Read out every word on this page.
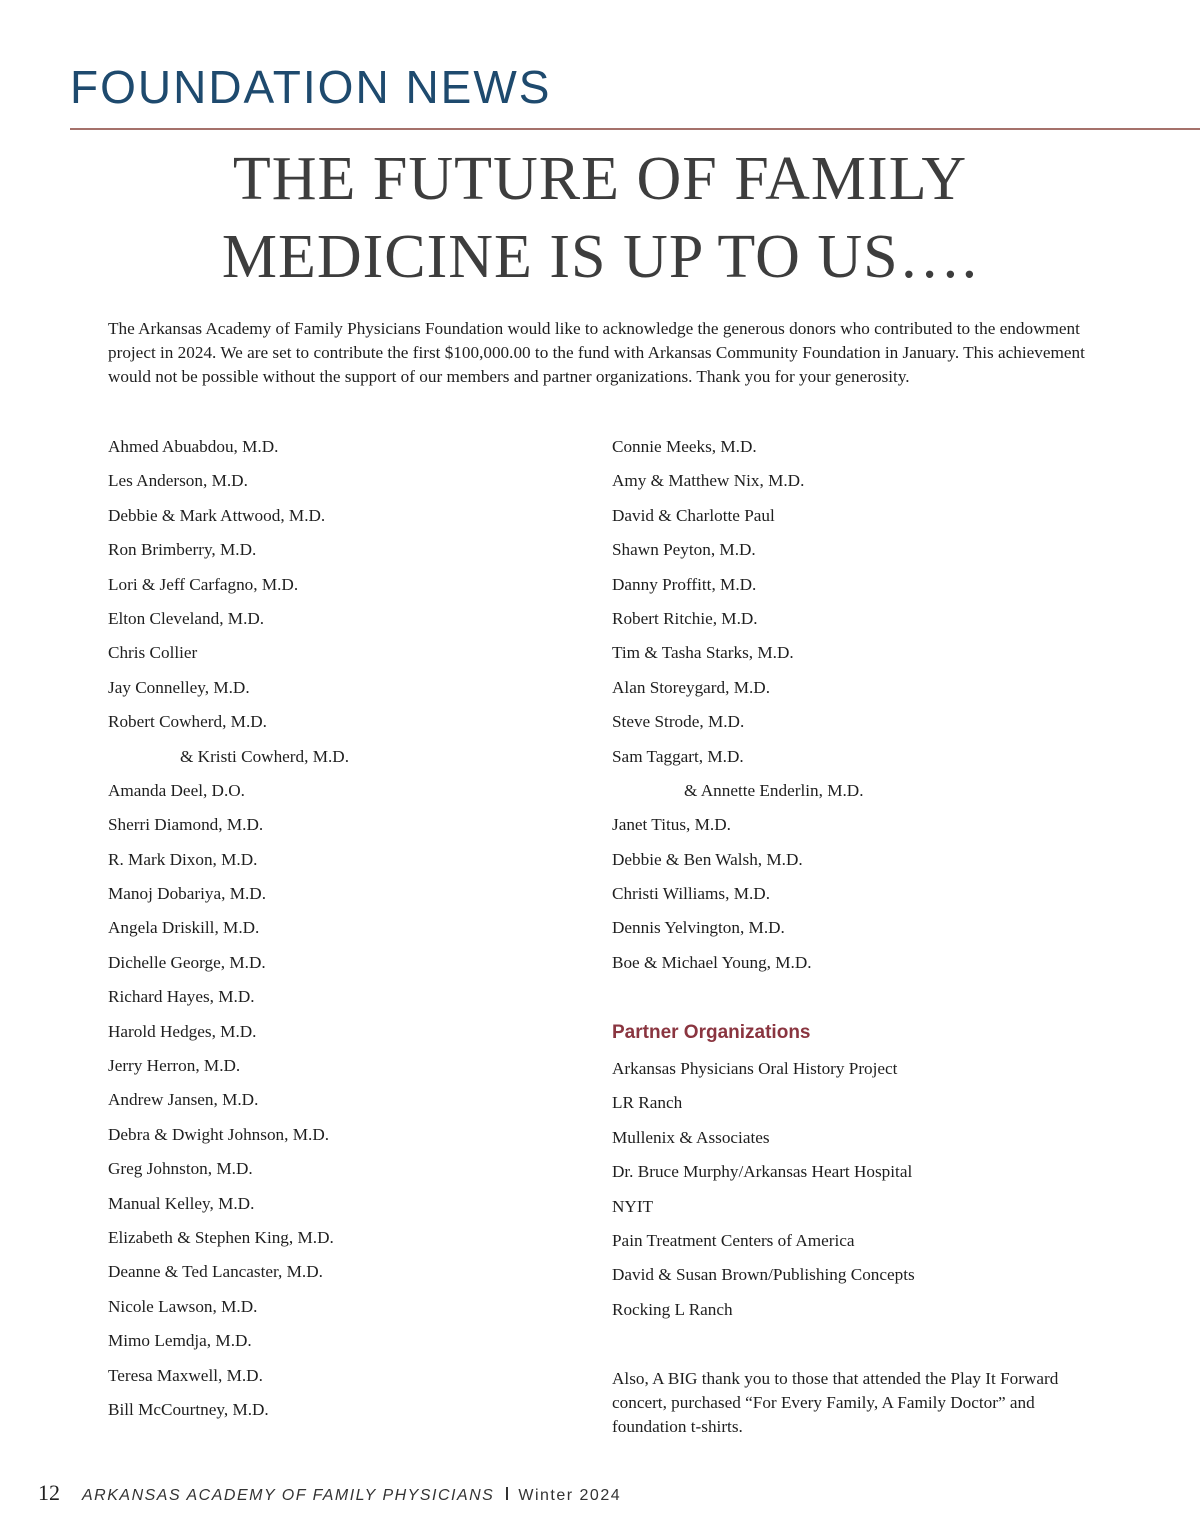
FOUNDATION NEWS
THE FUTURE OF FAMILY
MEDICINE IS UP TO US….

The Arkansas Academy of Family Physicians Foundation would like to acknowledge the generous donors who contributed to the endowment project in 2024. We are set to contribute the first $100,000.00 to the fund with Arkansas Community Foundation in January. This achievement would not be possible without the support of our members and partner organizations. Thank you for your generosity.

Ahmed Abuabdou, M.D.
Les Anderson, M.D.
Debbie & Mark Attwood, M.D.
Ron Brimberry, M.D.
Lori & Jeff Carfagno, M.D.
Elton Cleveland, M.D.
Chris Collier
Jay Connelley, M.D.
Robert Cowherd, M.D.
& Kristi Cowherd, M.D.
Amanda Deel, D.O.
Sherri Diamond, M.D.
R. Mark Dixon, M.D.
Manoj Dobariya, M.D.
Angela Driskill, M.D.
Dichelle George, M.D.
Richard Hayes, M.D.
Harold Hedges, M.D.
Jerry Herron, M.D.
Andrew Jansen, M.D.
Debra & Dwight Johnson, M.D.
Greg Johnston, M.D.
Manual Kelley, M.D.
Elizabeth & Stephen King, M.D.
Deanne & Ted Lancaster, M.D.
Nicole Lawson, M.D.
Mimo Lemdja, M.D.
Teresa Maxwell, M.D.
Bill McCourtney, M.D.
Connie Meeks, M.D.
Amy & Matthew Nix, M.D.
David & Charlotte Paul
Shawn Peyton, M.D.
Danny Proffitt, M.D.
Robert Ritchie, M.D.
Tim & Tasha Starks, M.D.
Alan Storeygard, M.D.
Steve Strode, M.D.
Sam Taggart, M.D.
& Annette Enderlin, M.D.
Janet Titus, M.D.
Debbie & Ben Walsh, M.D.
Christi Williams, M.D.
Dennis Yelvington, M.D.
Boe & Michael Young, M.D.
Partner Organizations
Arkansas Physicians Oral History Project
LR Ranch
Mullenix & Associates
Dr. Bruce Murphy/Arkansas Heart Hospital
NYIT
Pain Treatment Centers of America
David & Susan Brown/Publishing Concepts
Rocking L Ranch

Also, A BIG thank you to those that attended the Play It Forward concert, purchased “For Every Family, A Family Doctor” and foundation t-shirts.

12 ARKANSAS ACADEMY OF FAMILY PHYSICIANS Winter 2024
